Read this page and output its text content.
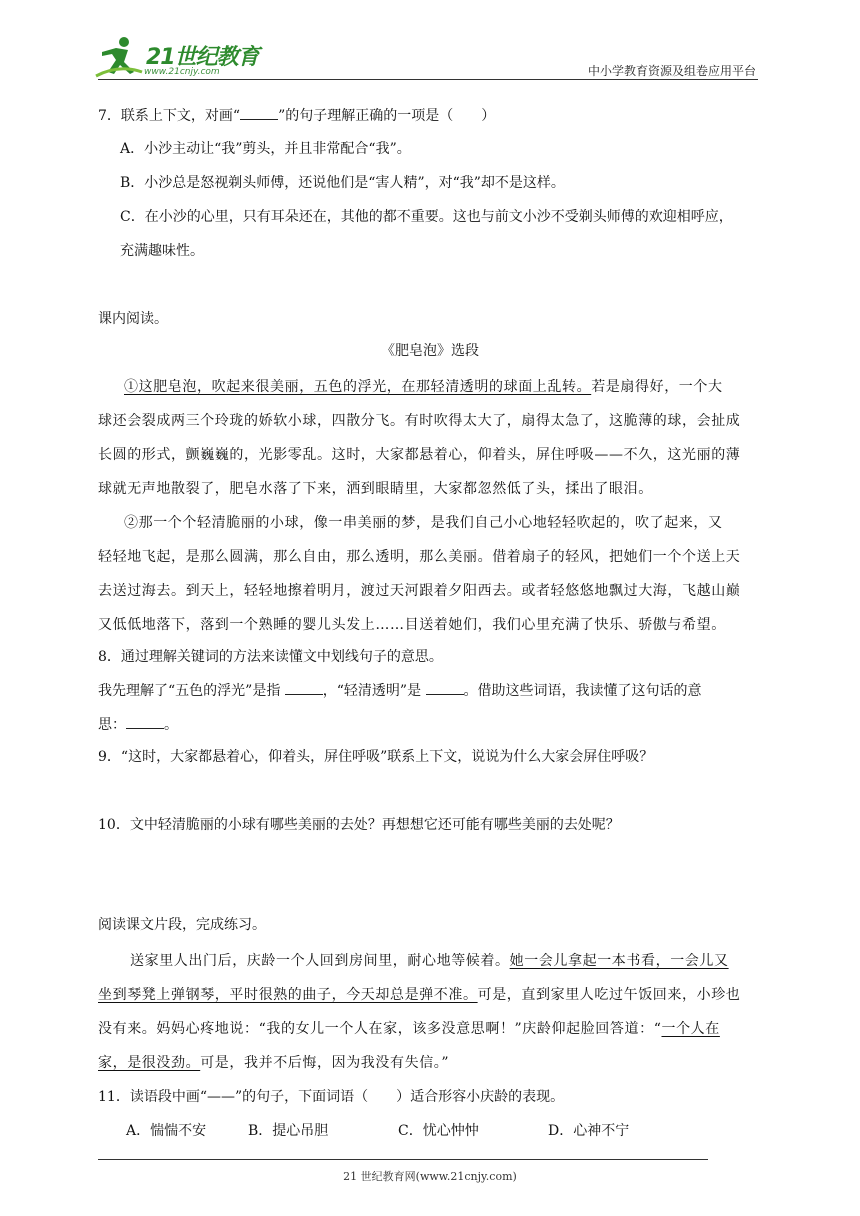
21世纪教育
www.21cnjy.com	中小学教育资源及组卷应用平台
7．联系上下文，对画“	”的句子理解正确的一项是（　　）
A．小沙主动让“我”剪头，并且非常配合“我”。
B．小沙总是怒视剃头师傅，还说他们是“害人精”，对“我”却不是这样。
C．在小沙的心里，只有耳朵还在，其他的都不重要。这也与前文小沙不受剃头师傅的欢迎相呼应，
充满趣味性。
课内阅读。
《肥皂泡》选段
①这肥皂泡，吹起来很美丽，五色的浮光，在那轻清透明的球面上乱转。若是扇得好，一个大
球还会裂成两三个玲珑的娇软小球，四散分飞。有时吹得太大了，扇得太急了，这脆薄的球，会扯成
长圆的形式，颤巍巍的，光影零乱。这时，大家都悬着心，仰着头，屏住呼吸——不久，这光丽的薄
球就无声地散裂了，肥皂水落了下来，洒到眼睛里，大家都忽然低了头，揉出了眼泪。
②那一个个轻清脆丽的小球，像一串美丽的梦，是我们自己小心地轻轻吹起的，吹了起来，又
轻轻地飞起，是那么圆满，那么自由，那么透明，那么美丽。借着扇子的轻风，把她们一个个送上天
去送过海去。到天上，轻轻地擦着明月，渡过天河跟着夕阳西去。或者轻悠悠地飘过大海，飞越山巅
又低低地落下，落到一个熟睡的婴儿头发上……目送着她们，我们心里充满了快乐、骄傲与希望。
8．通过理解关键词的方法来读懂文中划线句子的意思。
我先理解了“五色的浮光”是指	，“轻清透明”是	。借助这些词语，我读懂了这句话的意
思：	。
9．“这时，大家都悬着心，仰着头，屏住呼吸”联系上下文，说说为什么大家会屏住呼吸？
10．文中轻清脆丽的小球有哪些美丽的去处？再想想它还可能有哪些美丽的去处呢？
阅读课文片段，完成练习。
送家里人出门后，庆龄一个人回到房间里，耐心地等候着。她一会儿拿起一本书看，一会儿又
坐到琴凳上弹钢琴，平时很熟的曲子，今天却总是弹不准。可是，直到家里人吃过午饭回来，小珍也
没有来。妈妈心疼地说：“我的女儿一个人在家，该多没意思啊！”庆龄仰起脸回答道：“一个人在
家，是很没劲。可是，我并不后悔，因为我没有失信。”
11．读语段中画“——”的句子，下面词语（　　）适合形容小庆龄的表现。
A．惴惴不安	B．提心吊胆	C．忧心忡忡	D．心神不宁
21 世纪教育网(www.21cnjy.com)
